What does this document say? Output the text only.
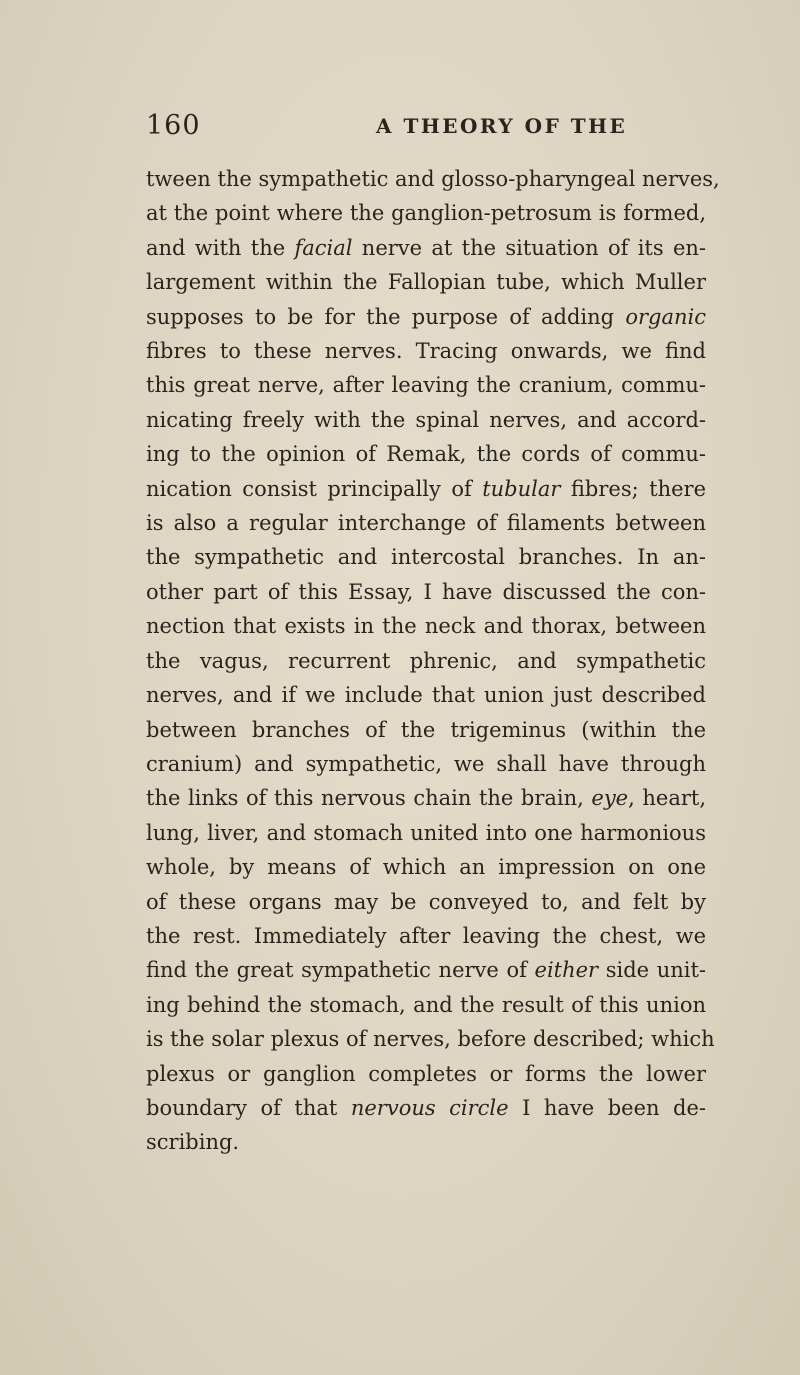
160	A THEORY OF THE
tween the sympathetic and glosso-pharyngeal nerves,
at the point where the ganglion-petrosum is formed,
and with the facial nerve at the situation of its en-
largement within the Fallopian tube, which Muller
supposes to be for the purpose of adding organic
fibres to these nerves. Tracing onwards, we find
this great nerve, after leaving the cranium, commu-
nicating freely with the spinal nerves, and accord-
ing to the opinion of Remak, the cords of commu-
nication consist principally of tubular fibres; there
is also a regular interchange of filaments between
the sympathetic and intercostal branches. In an-
other part of this Essay, I have discussed the con-
nection that exists in the neck and thorax, between
the vagus, recurrent phrenic, and sympathetic
nerves, and if we include that union just described
between branches of the trigeminus (within the
cranium) and sympathetic, we shall have through
the links of this nervous chain the brain, eye, heart,
lung, liver, and stomach united into one harmonious
whole, by means of which an impression on one
of these organs may be conveyed to, and felt by
the rest. Immediately after leaving the chest, we
find the great sympathetic nerve of either side unit-
ing behind the stomach, and the result of this union
is the solar plexus of nerves, before described; which
plexus or ganglion completes or forms the lower
boundary of that nervous circle I have been de-
scribing.
